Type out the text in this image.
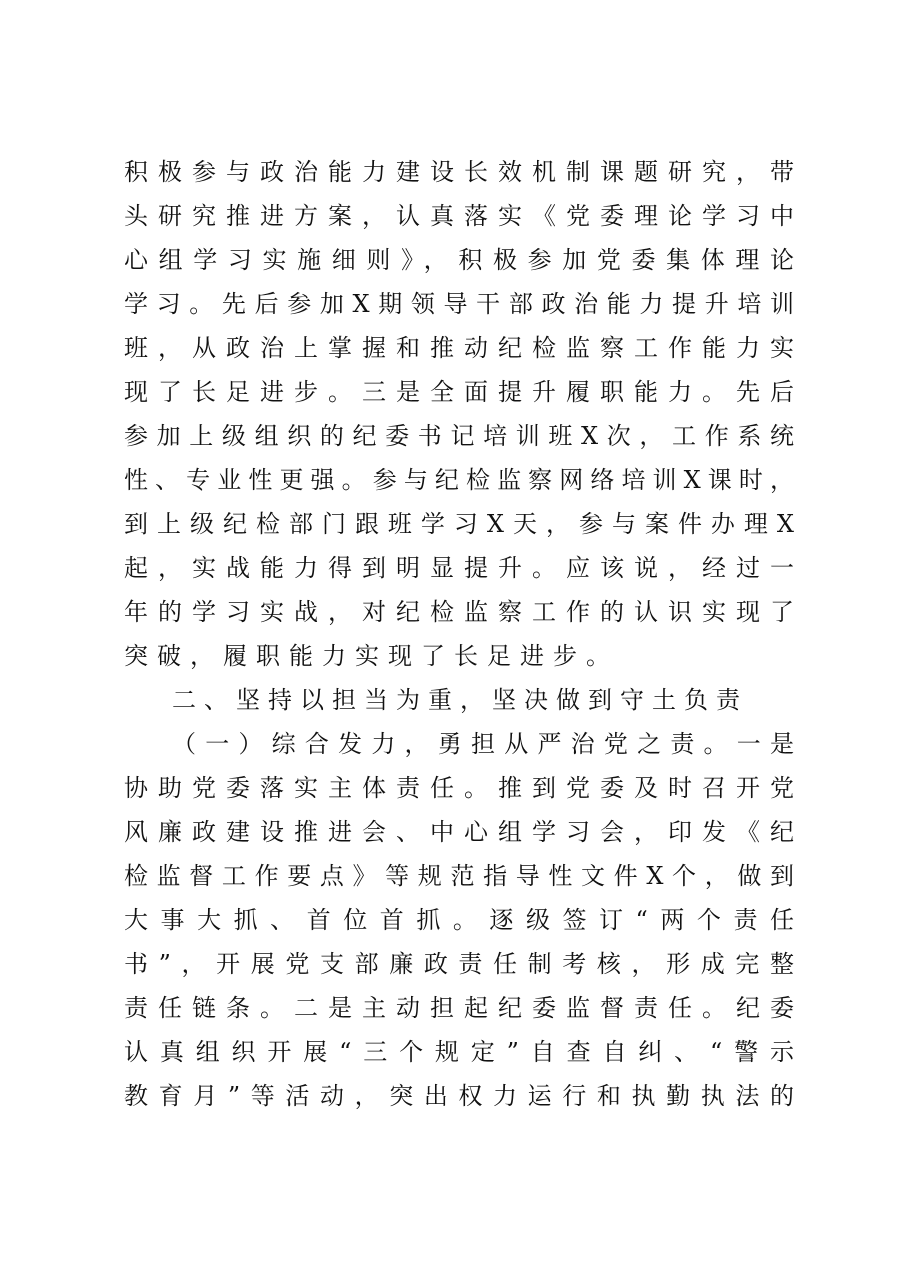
积极参与政治能力建设长效机制课题研究，带
头研究推进方案，认真落实《党委理论学习中
心组学习实施细则》，积极参加党委集体理论
学习。先后参加X期领导干部政治能力提升培训
班，从政治上掌握和推动纪检监察工作能力实
现了长足进步。三是全面提升履职能力。先后
参加上级组织的纪委书记培训班X次，工作系统
性、专业性更强。参与纪检监察网络培训X课时，
到上级纪检部门跟班学习X天，参与案件办理X
起，实战能力得到明显提升。应该说，经过一
年的学习实战，对纪检监察工作的认识实现了
突破，履职能力实现了长足进步。
二、坚持以担当为重，坚决做到守土负责
（一）综合发力，勇担从严治党之责。一是
协助党委落实主体责任。推到党委及时召开党
风廉政建设推进会、中心组学习会，印发《纪
检监督工作要点》等规范指导性文件X个，做到
大事大抓、首位首抓。逐级签订“两个责任
书”，开展党支部廉政责任制考核，形成完整
责任链条。二是主动担起纪委监督责任。纪委
认真组织开展“三个规定”自查自纠、“警示
教育月”等活动，突出权力运行和执勤执法的
